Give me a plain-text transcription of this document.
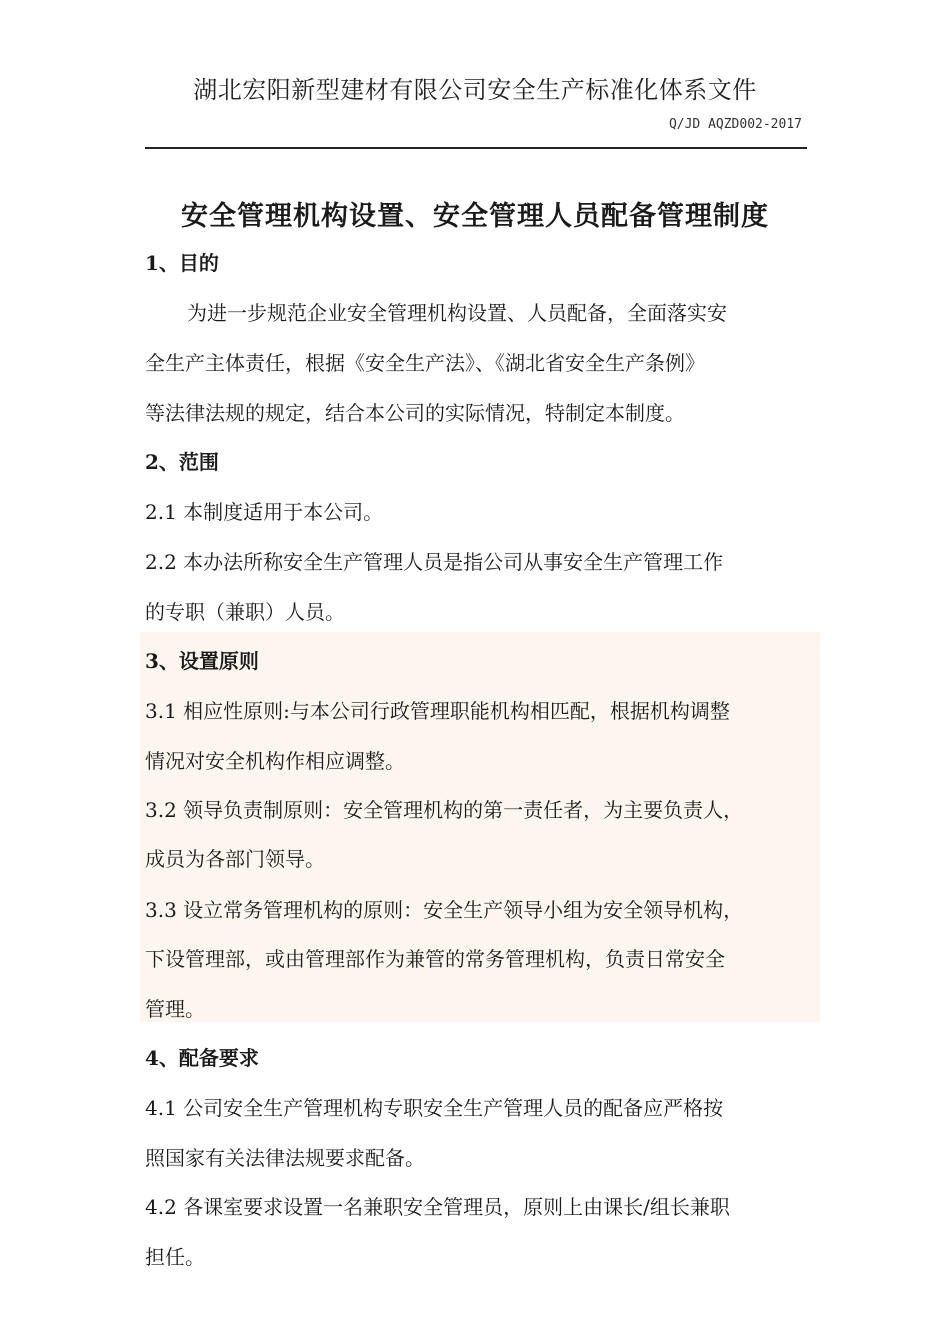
湖北宏阳新型建材有限公司安全生产标准化体系文件
Q/JD AQZD002-2017
安全管理机构设置、安全管理人员配备管理制度
1、目的
为进一步规范企业安全管理机构设置、人员配备，全面落实安
全生产主体责任，根据《安全生产法》、《湖北省安全生产条例》
等法律法规的规定，结合本公司的实际情况，特制定本制度。
2、范围
2.1 本制度适用于本公司。
2.2 本办法所称安全生产管理人员是指公司从事安全生产管理工作
的专职（兼职）人员。
3、设置原则
3.1 相应性原则:与本公司行政管理职能机构相匹配，根据机构调整
情况对安全机构作相应调整。
3.2 领导负责制原则：安全管理机构的第一责任者，为主要负责人，
成员为各部门领导。
3.3 设立常务管理机构的原则：安全生产领导小组为安全领导机构，
下设管理部，或由管理部作为兼管的常务管理机构，负责日常安全
管理。
4、配备要求
4.1 公司安全生产管理机构专职安全生产管理人员的配备应严格按
照国家有关法律法规要求配备。
4.2 各课室要求设置一名兼职安全管理员，原则上由课长/组长兼职
担任。
